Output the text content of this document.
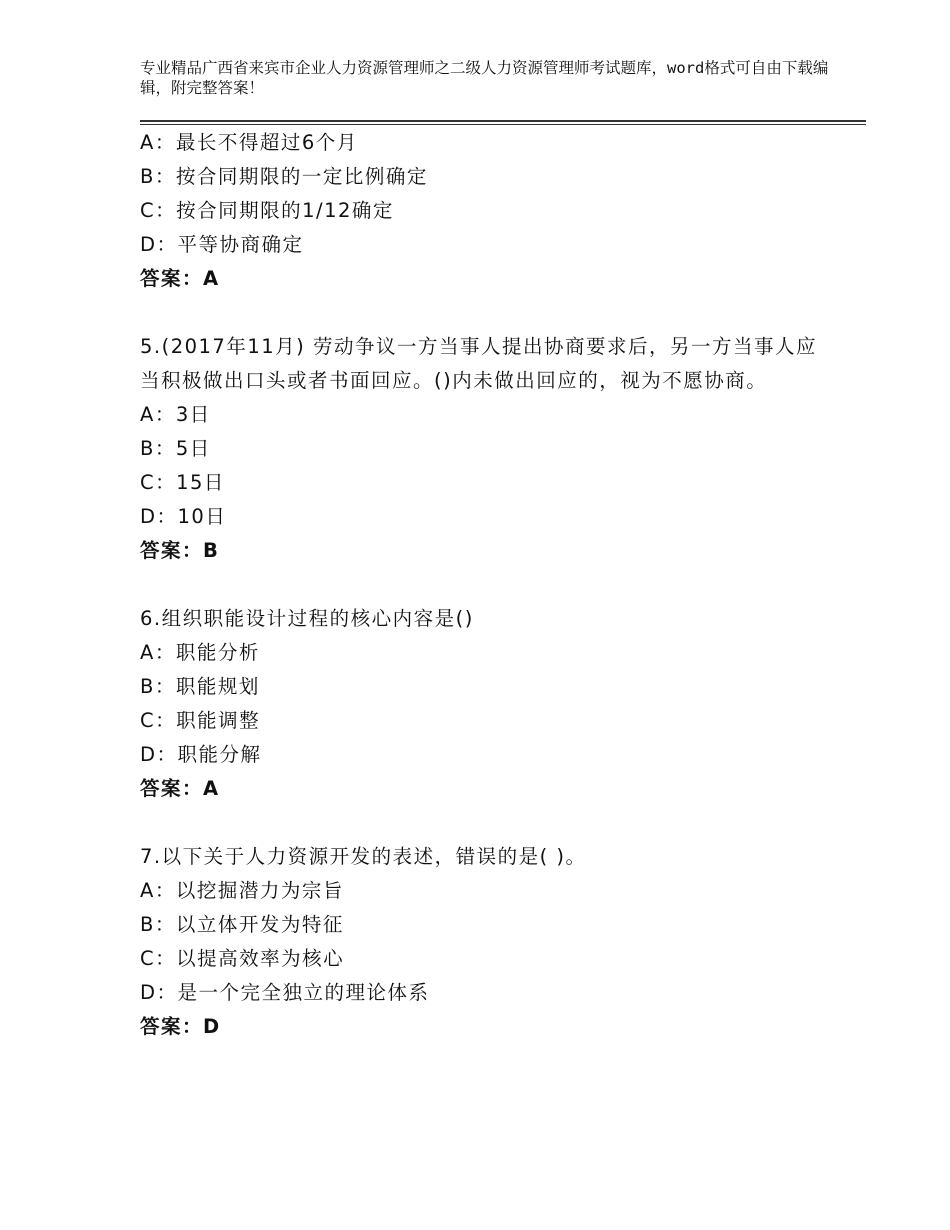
专业精品广西省来宾市企业人力资源管理师之二级人力资源管理师考试题库，word格式可自由下载编辑，附完整答案！
A：最长不得超过6个月
B：按合同期限的一定比例确定
C：按合同期限的1/12确定
D：平等协商确定
答案：A
5.(2017年11月) 劳动争议一方当事人提出协商要求后，另一方当事人应当积极做出口头或者书面回应。()内未做出回应的，视为不愿协商。
A：3日
B：5日
C：15日
D：10日
答案：B
6.组织职能设计过程的核心内容是()
A：职能分析
B：职能规划
C：职能调整
D：职能分解
答案：A
7.以下关于人力资源开发的表述，错误的是( )。
A：以挖掘潜力为宗旨
B：以立体开发为特征
C：以提高效率为核心
D：是一个完全独立的理论体系
答案：D
